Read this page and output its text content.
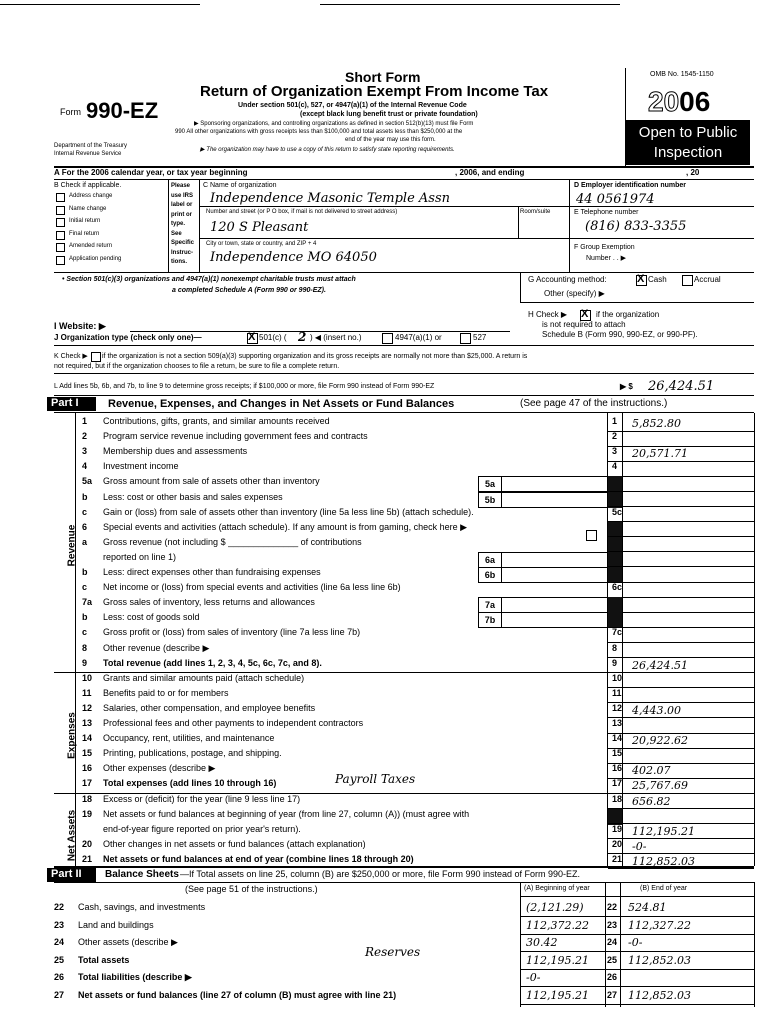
Form 990-EZ
Department of the Treasury
Internal Revenue Service
Short Form
Return of Organization Exempt From Income Tax
Under section 501(c), 527, or 4947(a)(1) of the Internal Revenue Code
(except black lung benefit trust or private foundation)
▶ Sponsoring organizations, and controlling organizations as defined in section 512(b)(13) must file Form
990 All other organizations with gross receipts less than $100,000 and total assets less than $250,000 at the
end of the year may use this form.
▶ The organization may have to use a copy of this return to satisfy state reporting requirements.
OMB No. 1545-1150
2006
Open to Public
Inspection
A For the 2006 calendar year, or tax year beginning	, 2006, and ending	, 20
B Check if applicable.
Address change
Name change
Initial return
Final return
Amended return
Application pending
Please
use IRS
label or
print or
type.
See
Specific
Instruc-
tions.
C Name of organization
Independence Masonic Temple Assn
Number and street (or P O box, if mail is not delivered to street address)	Room/suite
120 S Pleasant
City or town, state or country, and ZIP + 4
Independence MO 64050
D Employer identification number
44 0561974
E Telephone number
(816) 833-3355
F Group Exemption
Number . . ▶
• Section 501(c)(3) organizations and 4947(a)(1) nonexempt charitable trusts must attach
a completed Schedule A (Form 990 or 990-EZ).
G Accounting method:	X Cash	Accrual
Other (specify) ▶
H Check ▶ X if the organization
is not required to attach
Schedule B (Form 990, 990-EZ, or 990-PF).
I Website: ▶
J Organization type (check only one)—	X 501(c) ( 2 ) ◀ (insert no.)	4947(a)(1) or	527
K Check ▶ if the organization is not a section 509(a)(3) supporting organization and its gross receipts are normally not more than $25,000. A return is
not required, but if the organization chooses to file a return, be sure to file a complete return.
L Add lines 5b, 6b, and 7b, to line 9 to determine gross receipts; if $100,000 or more, file Form 990 instead of Form 990-EZ	▶ $ 26,424.51
Part I	Revenue, Expenses, and Changes in Net Assets or Fund Balances	(See page 47 of the instructions.)
Revenue
Expenses
Net Assets
1 Contributions, gifts, grants, and similar amounts received	1 5,852.80
2 Program service revenue including government fees and contracts	2
3 Membership dues and assessments	3 20,571.71
4 Investment income	4
5a Gross amount from sale of assets other than inventory	5a
b Less: cost or other basis and sales expenses	5b
c Gain or (loss) from sale of assets other than inventory (line 5a less line 5b) (attach schedule).	5c
6 Special events and activities (attach schedule). If any amount is from gaming, check here ▶
a Gross revenue (not including $ ______________ of contributions
reported on line 1)	6a
b Less: direct expenses other than fundraising expenses	6b
c Net income or (loss) from special events and activities (line 6a less line 6b)	6c
7a Gross sales of inventory, less returns and allowances	7a
b Less: cost of goods sold	7b
c Gross profit or (loss) from sales of inventory (line 7a less line 7b)	7c
8 Other revenue (describe ▶	8
9 Total revenue (add lines 1, 2, 3, 4, 5c, 6c, 7c, and 8).	9 26,424.51
10 Grants and similar amounts paid (attach schedule)	10
11 Benefits paid to or for members	11
12 Salaries, other compensation, and employee benefits	12 4,443.00
13 Professional fees and other payments to independent contractors	13
14 Occupancy, rent, utilities, and maintenance	14 20,922.62
15 Printing, publications, postage, and shipping.	15
16 Other expenses (describe ▶	16 402.07
17 Total expenses (add lines 10 through 16)	17 25,767.69
18 Excess or (deficit) for the year (line 9 less line 17)	18 656.82
19 Net assets or fund balances at beginning of year (from line 27, column (A)) (must agree with
end-of-year figure reported on prior year's return).	19 112,195.21
20 Other changes in net assets or fund balances (attach explanation)	20 -0-
21 Net assets or fund balances at end of year (combine lines 18 through 20)	21 112,852.03
Payroll Taxes
Part II	Balance Sheets —If Total assets on line 25, column (B) are $250,000 or more, file Form 990 instead of Form 990-EZ.
(See page 51 of the instructions.)	(A) Beginning of year	(B) End of year
22 Cash, savings, and investments	(2,121.29)	22 524.81
23 Land and buildings	112,372.22 23 112,327.22
24 Other assets (describe ▶	30.42	24 -0-
25 Total assets	112,195.21 25 112,852.03
26 Total liabilities (describe ▶	-0-	26
27 Net assets or fund balances (line 27 of column (B) must agree with line 21)	112,195.21 27 112,852.03
Reserves
